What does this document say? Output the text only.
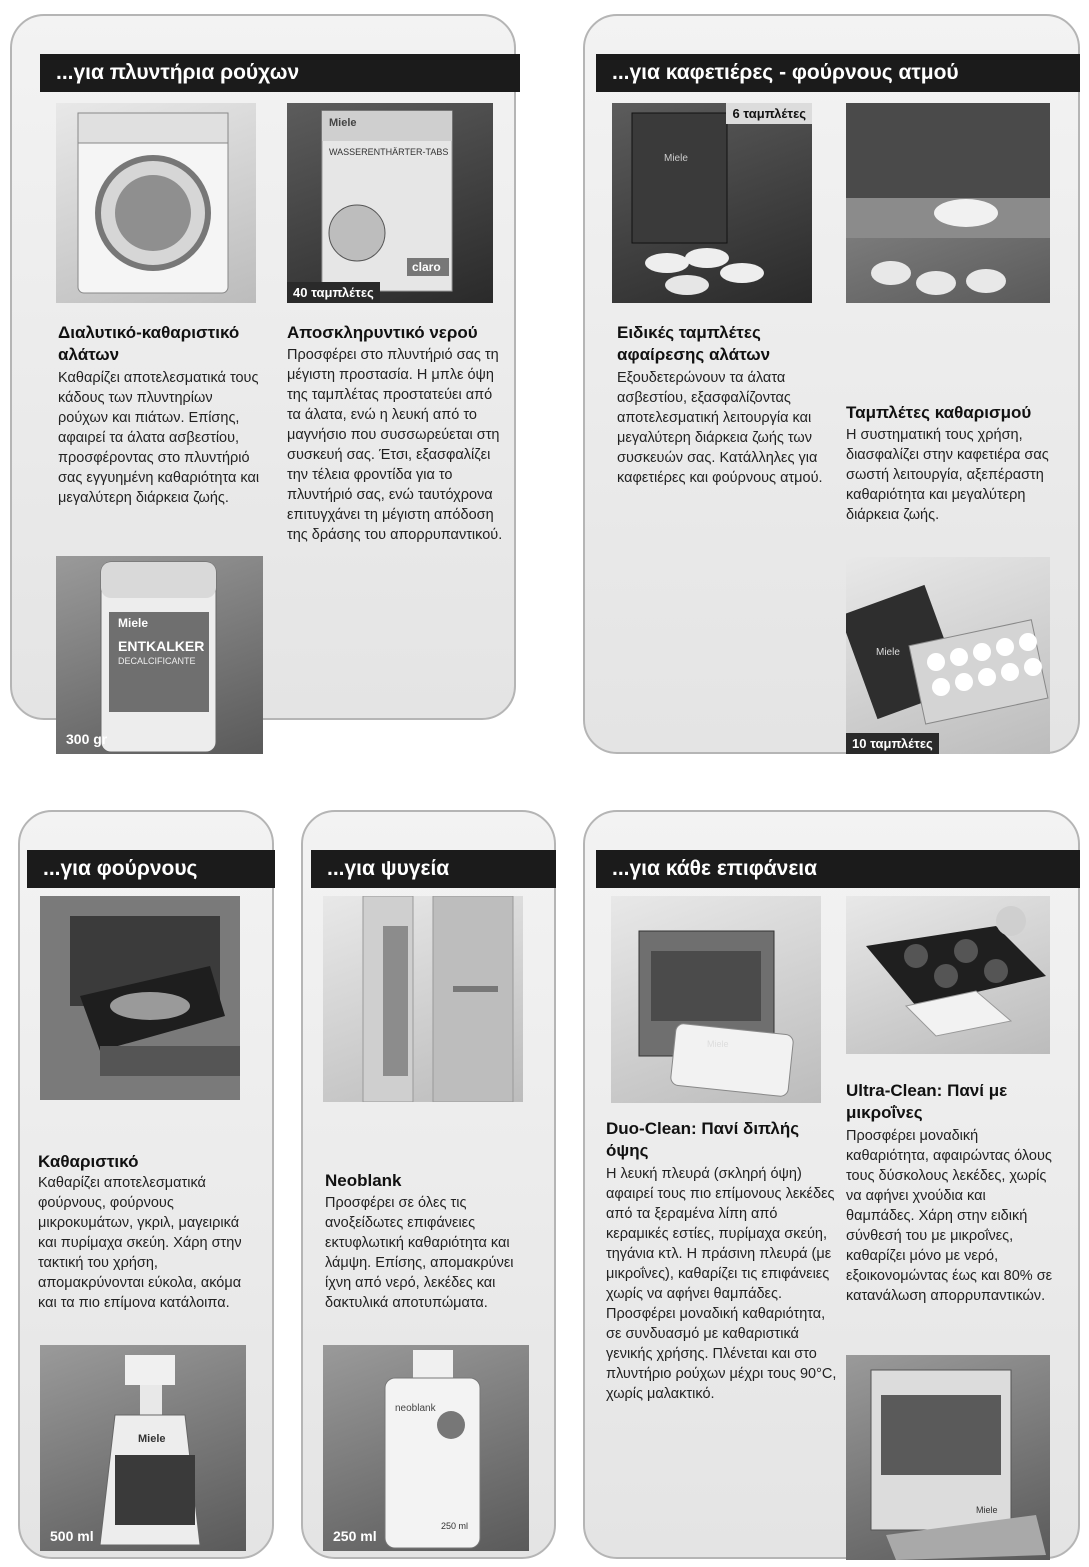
...για πλυντήρια ρούχων
Miele
WASSERENTHÄRTER-TABS
claro
40 ταμπλέτες
Διαλυτικό-καθαριστικό αλάτων
Καθαρίζει αποτελεσματικά τους κάδους των πλυντηρίων ρούχων και πιάτων. Επίσης, αφαιρεί τα άλατα ασβεστίου, προσφέροντας στο πλυντήριό σας εγγυημένη καθαριότητα και μεγαλύτερη διάρκεια ζωής.
Αποσκληρυντικό νερού
Προσφέρει στο πλυντήριό σας τη μέγιστη προστασία. Η μπλε όψη της ταμπλέτας προστατεύει από τα άλατα, ενώ η λευκή από το μαγνήσιο που συσσωρεύεται στη συσκευή σας. Έτσι, εξασφαλίζει την τέλεια φροντίδα για το πλυντήριό σας, ενώ ταυτόχρονα επιτυγχάνει τη μέγιστη απόδοση της δράσης του απορρυπαντικού.
Miele
ENTKALKER
DECALCIFICANTE
300 gr
...για καφετιέρες - φούρνους ατμού
Miele
6 ταμπλέτες
Ειδικές ταμπλέτες αφαίρεσης αλάτων
Εξουδετερώνουν τα άλατα ασβεστίου, εξασφαλίζοντας αποτελεσματική λειτουργία και μεγαλύτερη διάρκεια ζωής των συσκευών σας. Κατάλληλες για καφετιέρες και φούρνους ατμού.
Ταμπλέτες καθαρισμού
Η συστηματική τους χρήση, διασφαλίζει στην καφετιέρα σας σωστή λειτουργία, αξεπέραστη καθαριότητα και μεγαλύτερη διάρκεια ζωής.
Miele
10 ταμπλέτες
...για φούρνους
Καθαριστικό
Καθαρίζει αποτελεσματικά φούρνους, φούρνους μικροκυμάτων, γκριλ, μαγειρικά και πυρίμαχα σκεύη. Χάρη στην τακτική του χρήση, απομακρύνονται εύκολα, ακόμα και τα πιο επίμονα κατάλοιπα.
Miele
500 ml
...για ψυγεία
Neoblank
Προσφέρει σε όλες τις ανοξείδωτες επιφάνειες εκτυφλωτική καθαριότητα και λάμψη. Επίσης, απομακρύνει ίχνη από νερό, λεκέδες και δακτυλικά αποτυπώματα.
neoblank
250 ml
250 ml
...για κάθε επιφάνεια
Miele
Ultra-Clean: Πανί με μικροΐνες
Προσφέρει μοναδική καθαριότητα, αφαιρώντας όλους τους δύσκολους λεκέδες, χωρίς να αφήνει χνούδια και θαμπάδες. Χάρη στην ειδική σύνθεσή του με μικροΐνες, καθαρίζει μόνο με νερό, εξοικονομώντας έως και 80% σε κατανάλωση απορρυπαντικών.
Duo-Clean: Πανί διπλής όψης
Η λευκή πλευρά (σκληρή όψη) αφαιρεί τους πιο επίμονους λεκέδες από τα ξεραμένα λίπη από κεραμικές εστίες, πυρίμαχα σκεύη, τηγάνια κτλ. Η πράσινη πλευρά (με μικροΐνες), καθαρίζει τις επιφάνειες χωρίς να αφήνει θαμπάδες. Προσφέρει μοναδική καθαριότητα, σε συνδυασμό με καθαριστικά γενικής χρήσης. Πλένεται και στο πλυντήριο ρούχων μέχρι τους 90°C, χωρίς μαλακτικό.
Miele
